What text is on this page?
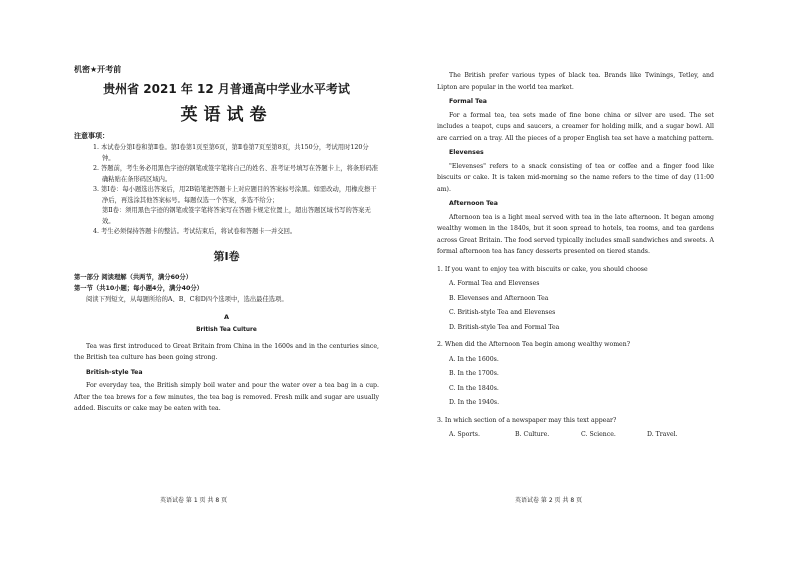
机密★开考前
贵州省 2021 年 12 月普通高中学业水平考试
英语试卷
注意事项：
1. 本试卷分第Ⅰ卷和第Ⅱ卷。第Ⅰ卷第1页至第6页，第Ⅱ卷第7页至第8页，共150分，考试用时120分钟。
2. 答题前，考生务必用黑色字迹的钢笔或签字笔将自己的姓名、准考证号填写在答题卡上，将条形码准确粘贴在条形码区域内。
3. 第Ⅰ卷：每小题选出答案后，用2B铅笔把答题卡上对应题目的答案标号涂黑。如需改动，用橡皮擦干净后，再选涂其他答案标号。每题仅选一个答案，多选不给分；
第Ⅱ卷：须用黑色字迹的钢笔或签字笔将答案写在答题卡规定位置上，超出答题区域书写的答案无效。
4. 考生必须保持答题卡的整洁。考试结束后，将试卷和答题卡一并交回。
第Ⅰ卷
第一部分 阅读理解（共两节，满分60分）
第一节（共10小题；每小题4分，满分40分）
阅读下列短文，从每题所给的A、B、C和D四个选项中，选出最佳选项。
A
British Tea Culture
Tea was first introduced to Great Britain from China in the 1600s and in the centuries since, the British tea culture has been going strong.
British-style Tea
For everyday tea, the British simply boil water and pour the water over a tea bag in a cup. After the tea brews for a few minutes, the tea bag is removed. Fresh milk and sugar are usually added. Biscuits or cake may be eaten with tea.
英语试卷 第 1 页 共 8 页
The British prefer various types of black tea. Brands like Twinings, Tetley, and Lipton are popular in the world tea market.
Formal Tea
For a formal tea, tea sets made of fine bone china or silver are used. The set includes a teapot, cups and saucers, a creamer for holding milk, and a sugar bowl. All are carried on a tray. All the pieces of a proper English tea set have a matching pattern.
Elevenses
"Elevenses" refers to a snack consisting of tea or coffee and a finger food like biscuits or cake. It is taken mid-morning so the name refers to the time of day (11:00 am).
Afternoon Tea
Afternoon tea is a light meal served with tea in the late afternoon. It began among wealthy women in the 1840s, but it soon spread to hotels, tea rooms, and tea gardens across Great Britain. The food served typically includes small sandwiches and sweets. A formal afternoon tea has fancy desserts presented on tiered stands.
1. If you want to enjoy tea with biscuits or cake, you should choose
A. Formal Tea and Elevenses
B. Elevenses and Afternoon Tea
C. British-style Tea and Elevenses
D. British-style Tea and Formal Tea
2. When did the Afternoon Tea begin among wealthy women?
A. In the 1600s.
B. In the 1700s.
C. In the 1840s.
D. In the 1940s.
3. In which section of a newspaper may this text appear?
A. Sports.	B. Culture.	C. Science.	D. Travel.
英语试卷 第 2 页 共 8 页
